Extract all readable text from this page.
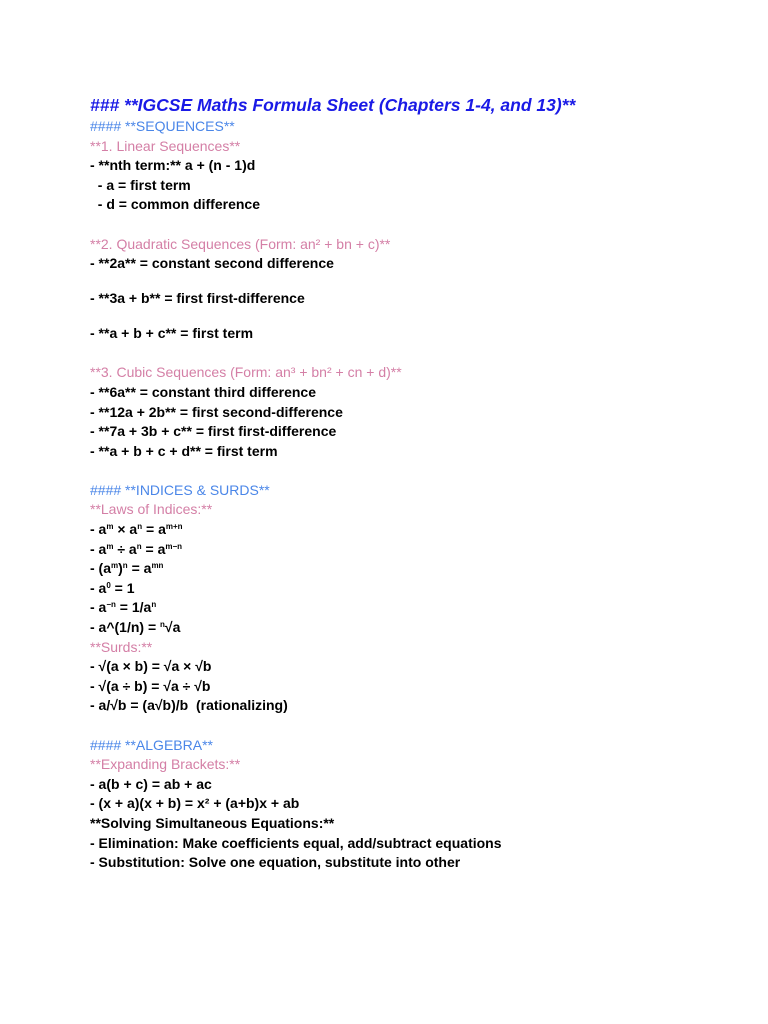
### **IGCSE Maths Formula Sheet (Chapters 1-4, and 13)**
#### **SEQUENCES**
**1. Linear Sequences**
- **nth term:** a + (n - 1)d
- a = first term
- d = common difference
**2. Quadratic Sequences (Form: an² + bn + c)**
- **2a** = constant second difference
- **3a + b** = first first-difference
- **a + b + c** = first term
**3. Cubic Sequences (Form: an³ + bn² + cn + d)**
- **6a** = constant third difference
- **12a + 2b** = first second-difference
- **7a + 3b + c** = first first-difference
- **a + b + c + d** = first term
#### **INDICES & SURDS**
**Laws of Indices:**
- $a^m \times a^n = a^{m+n}$
- $a^m \div a^n = a^{m-n}$
- $(a^m)^n = a^{mn}$
- $a^0 = 1$
- $a^{-n} = 1/a^n$
- a^(1/n) = $^n$√a
**Surds:**
- √(a × b) = √a × √b
- √(a ÷ b) = √a ÷ √b
- a/√b = (a√b)/b  (rationalizing)
#### **ALGEBRA**
**Expanding Brackets:**
- a(b + c) = ab + ac
- (x + a)(x + b) = x² + (a+b)x + ab
**Solving Simultaneous Equations:**
- Elimination: Make coefficients equal, add/subtract equations
- Substitution: Solve one equation, substitute into other
